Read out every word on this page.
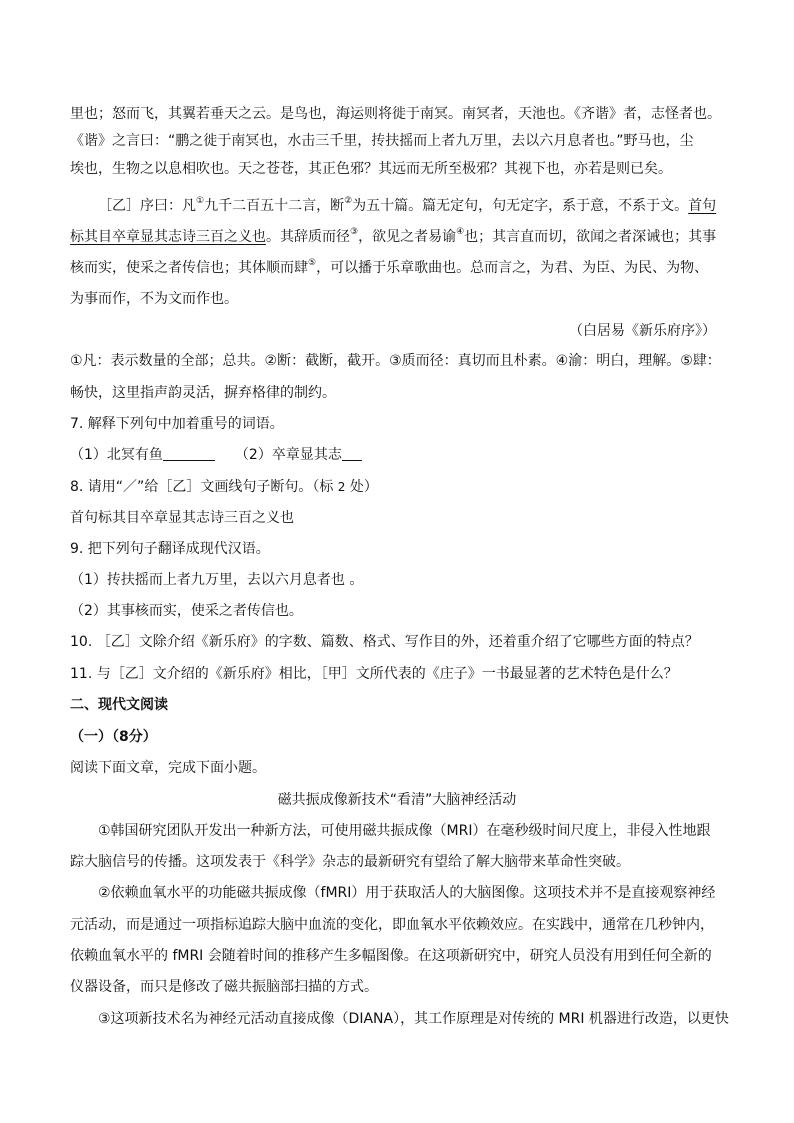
里也；怒而飞，其翼若垂天之云。是鸟也，海运则将徙于南冥。南冥者，天池也。《齐谐》者，志怪者也。

《谐》之言曰：“鹏之徙于南冥也，水击三千里，抟扶摇而上者九万里，去以六月息者也。”野马也，尘

埃也，生物之以息相吹也。天之苍苍，其正色邪？其远而无所至极邪？其视下也，亦若是则已矣。

［乙］序曰：凡①九千二百五十二言，断②为五十篇。篇无定句，句无定字，系于意，不系于文。首句

标其目卒章显其志诗三百之义也。其辞质而径③，欲见之者易谕④也；其言直而切，欲闻之者深诫也；其事

核而实，使采之者传信也；其体顺而肆⑤，可以播于乐章歌曲也。总而言之，为君、为臣、为民、为物、

为事而作，不为文而作也。

（白居易《新乐府序》）

①凡：表示数量的全部；总共。②断：截断，截开。③质而径：真切而且朴素。④渝：明白，理解。⑤肆：

畅快，这里指声韵灵活，摒弃格律的制约。

7. 解释下列句中加着重号的词语。

（1）北冥有鱼	（2）卒章显其志

8. 请用“／”给［乙］文画线句子断句。（标 2 处）

首句标其目卒章显其志诗三百之义也

9. 把下列句子翻译成现代汉语。

（1）抟扶摇而上者九万里，去以六月息者也 。

（2）其事核而实，使采之者传信也。

10. ［乙］文除介绍《新乐府》的字数、篇数、格式、写作目的外，还着重介绍了它哪些方面的特点？

11. 与［乙］文介绍的《新乐府》相比，［甲］文所代表的《庄子》一书最显著的艺术特色是什么？

二、现代文阅读

（一）（8分）

阅读下面文章，完成下面小题。

磁共振成像新技术“看清”大脑神经活动

①韩国研究团队开发出一种新方法，可使用磁共振成像（MRI）在毫秒级时间尺度上，非侵入性地跟

踪大脑信号的传播。这项发表于《科学》杂志的最新研究有望给了解大脑带来革命性突破。

②依赖血氧水平的功能磁共振成像（fMRI）用于获取活人的大脑图像。这项技术并不是直接观察神经

元活动，而是通过一项指标追踪大脑中血流的变化，即血氧水平依赖效应。在实践中，通常在几秒钟内，

依赖血氧水平的 fMRI 会随着时间的推移产生多幅图像。在这项新研究中，研究人员没有用到任何全新的

仪器设备，而只是修改了磁共振脑部扫描的方式。

③这项新技术名为神经元活动直接成像（DIANA），其工作原理是对传统的 MRI 机器进行改造，以更快
